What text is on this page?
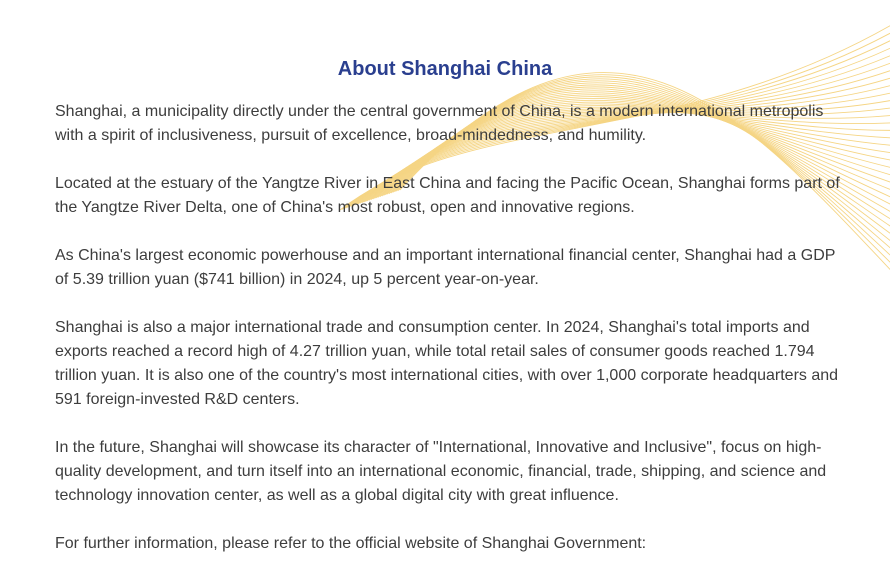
About Shanghai China

Shanghai, a municipality directly under the central government of China, is a modern international metropolis with a spirit of inclusiveness, pursuit of excellence, broad-mindedness, and humility.

Located at the estuary of the Yangtze River in East China and facing the Pacific Ocean, Shanghai forms part of the Yangtze River Delta, one of China's most robust, open and innovative regions.

As China's largest economic powerhouse and an important international financial center, Shanghai had a GDP of 5.39 trillion yuan ($741 billion) in 2024, up 5 percent year-on-year.

Shanghai is also a major international trade and consumption center. In 2024, Shanghai's total imports and exports reached a record high of 4.27 trillion yuan, while total retail sales of consumer goods reached 1.794 trillion yuan. It is also one of the country's most international cities, with over 1,000 corporate headquarters and 591 foreign-invested R&D centers.

In the future, Shanghai will showcase its character of "International, Innovative and Inclusive", focus on high-quality development, and turn itself into an international economic, financial, trade, shipping, and science and technology innovation center, as well as a global digital city with great influence.

For further information, please refer to the official website of Shanghai Government:
